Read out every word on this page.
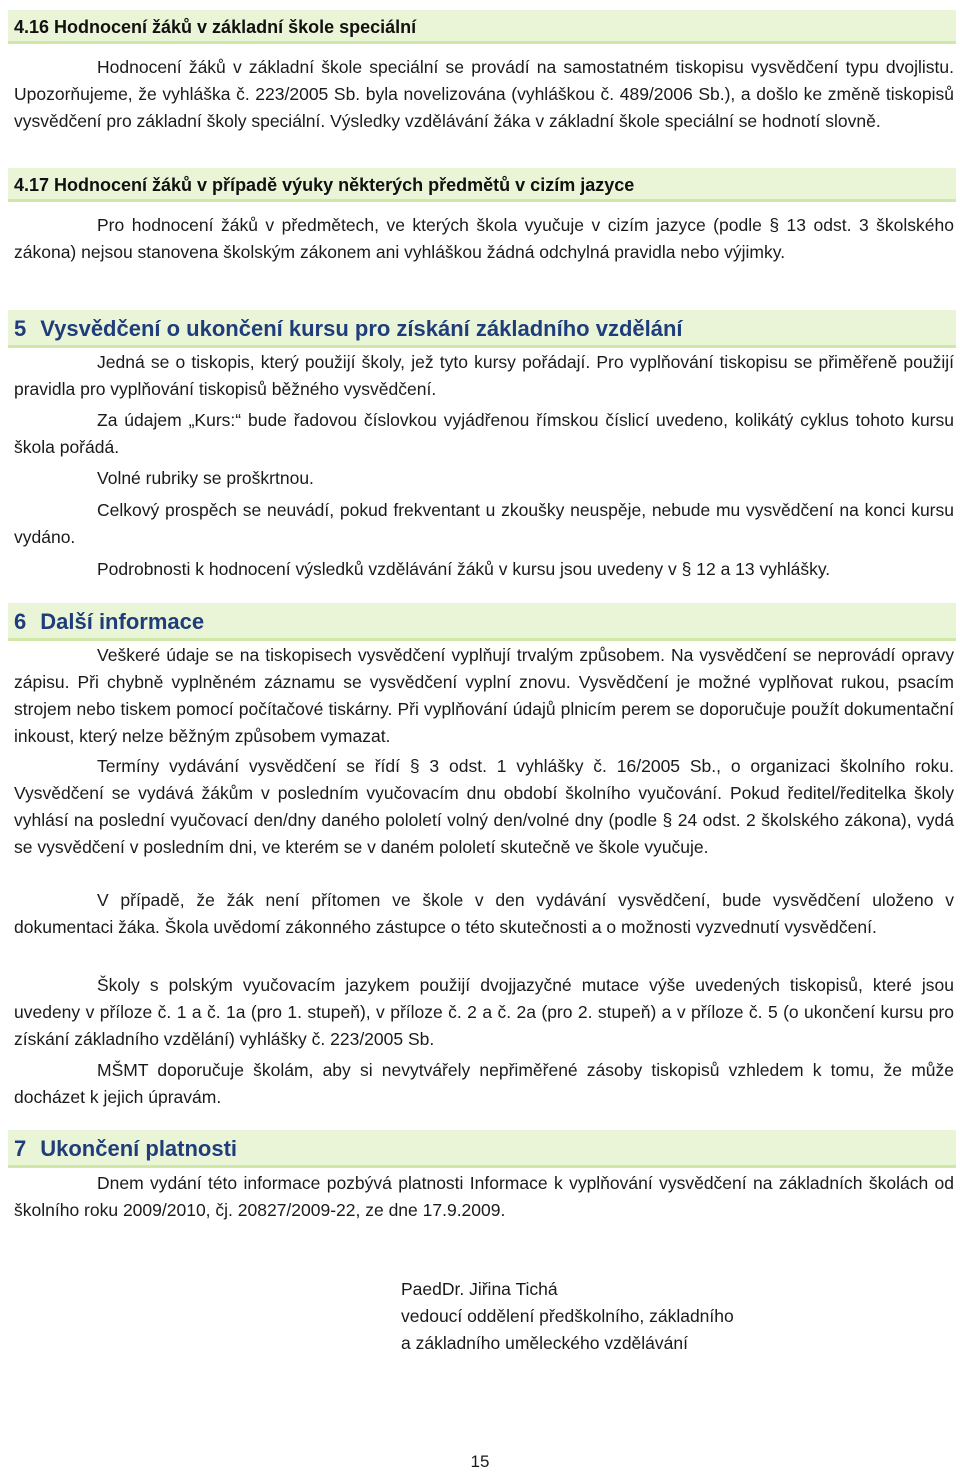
4.16 Hodnocení žáků v základní škole speciální

Hodnocení žáků v základní škole speciální se provádí na samostatném tiskopisu vysvědčení typu dvojlistu. Upozorňujeme, že vyhláška č. 223/2005 Sb. byla novelizována (vyhláškou č. 489/2006 Sb.), a došlo ke změně tiskopisů vysvědčení pro základní školy speciální. Výsledky vzdělávání žáka v základní škole speciální se hodnotí slovně.

4.17 Hodnocení žáků v případě výuky některých předmětů v cizím jazyce

Pro hodnocení žáků v předmětech, ve kterých škola vyučuje v cizím jazyce (podle § 13 odst. 3 školského zákona) nejsou stanovena školským zákonem ani vyhláškou žádná odchylná pravidla nebo výjimky.

5 Vysvědčení o ukončení kursu pro získání základního vzdělání

Jedná se o tiskopis, který použijí školy, jež tyto kursy pořádají. Pro vyplňování tiskopisu se přiměřeně použijí pravidla pro vyplňování tiskopisů běžného vysvědčení.

Za údajem „Kurs:“ bude řadovou číslovkou vyjádřenou římskou číslicí uvedeno, kolikátý cyklus tohoto kursu škola pořádá.

Volné rubriky se proškrtnou.

Celkový prospěch se neuvádí, pokud frekventant u zkoušky neuspěje, nebude mu vysvědčení na konci kursu vydáno.

Podrobnosti k hodnocení výsledků vzdělávání žáků v kursu jsou uvedeny v § 12 a 13 vyhlášky.

6 Další informace

Veškeré údaje se na tiskopisech vysvědčení vyplňují trvalým způsobem. Na vysvědčení se neprovádí opravy zápisu. Při chybně vyplněném záznamu se vysvědčení vyplní znovu. Vysvědčení je možné vyplňovat rukou, psacím strojem nebo tiskem pomocí počítačové tiskárny. Při vyplňování údajů plnicím perem se doporučuje použít dokumentační inkoust, který nelze běžným způsobem vymazat.

Termíny vydávání vysvědčení se řídí § 3 odst. 1 vyhlášky č. 16/2005 Sb., o organizaci školního roku. Vysvědčení se vydává žákům v posledním vyučovacím dnu období školního vyučování. Pokud ředitel/ředitelka školy vyhlásí na poslední vyučovací den/dny daného pololetí volný den/volné dny (podle § 24 odst. 2 školského zákona), vydá se vysvědčení v posledním dni, ve kterém se v daném pololetí skutečně ve škole vyučuje.

V případě, že žák není přítomen ve škole v den vydávání vysvědčení, bude vysvědčení uloženo v dokumentaci žáka. Škola uvědomí zákonného zástupce o této skutečnosti a o možnosti vyzvednutí vysvědčení.

Školy s polským vyučovacím jazykem použijí dvojjazyčné mutace výše uvedených tiskopisů, které jsou uvedeny v příloze č. 1 a č. 1a (pro 1. stupeň), v příloze č. 2 a č. 2a (pro 2. stupeň) a v příloze č. 5 (o ukončení kursu pro získání základního vzdělání) vyhlášky č. 223/2005 Sb.

MŠMT doporučuje školám, aby si nevytvářely nepřiměřené zásoby tiskopisů vzhledem k tomu, že může docházet k jejich úpravám.

7 Ukončení platnosti

Dnem vydání této informace pozbývá platnosti Informace k vyplňování vysvědčení na základních školách od školního roku 2009/2010, čj. 20827/2009-22, ze dne 17.9.2009.

PaedDr. Jiřina Tichá
vedoucí oddělení předškolního, základního
a základního uměleckého vzdělávání
15
